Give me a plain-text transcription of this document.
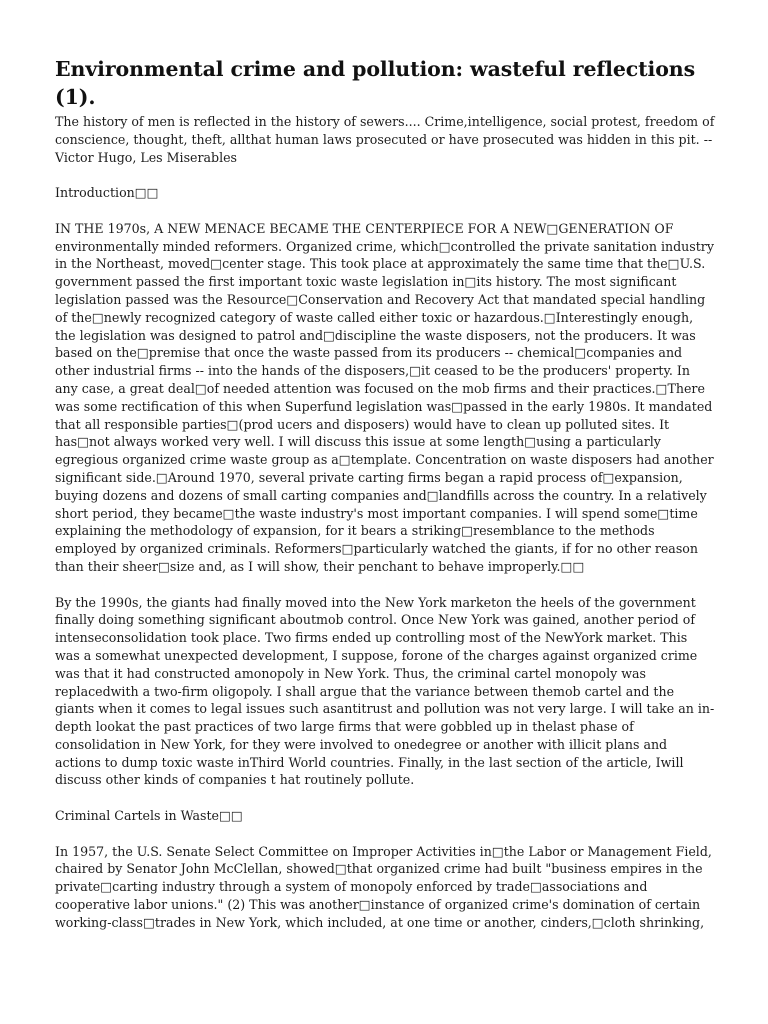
Environmental crime and pollution: wasteful reflections (1).

The history of men is reflected in the history of sewers.... Crime,intelligence, social protest, freedom of conscience, thought, theft, allthat human laws prosecuted or have prosecuted was hidden in this pit. --Victor Hugo, Les Miserables

Introduction□□

IN THE 1970s, A NEW MENACE BECAME THE CENTERPIECE FOR A NEW□GENERATION OF environmentally minded reformers. Organized crime, which□controlled the private sanitation industry in the Northeast, moved□center stage. This took place at approximately the same time that the□U.S. government passed the first important toxic waste legislation in□its history. The most significant legislation passed was the Resource□Conservation and Recovery Act that mandated special handling of the□newly recognized category of waste called either toxic or hazardous.□Interestingly enough, the legislation was designed to patrol and□discipline the waste disposers, not the producers. It was based on the□premise that once the waste passed from its producers -- chemical□companies and other industrial firms -- into the hands of the disposers,□it ceased to be the producers' property. In any case, a great deal□of needed attention was focused on the mob firms and their practices.□There was some rectification of this when Superfund legislation was□passed in the early 1980s. It mandated that all responsible parties□(prod ucers and disposers) would have to clean up polluted sites. It has□not always worked very well. I will discuss this issue at some length□using a particularly egregious organized crime waste group as a□template. Concentration on waste disposers had another significant side.□Around 1970, several private carting firms began a rapid process of□expansion, buying dozens and dozens of small carting companies and□landfills across the country. In a relatively short period, they became□the waste industry's most important companies. I will spend some□time explaining the methodology of expansion, for it bears a striking□resemblance to the methods employed by organized criminals. Reformers□particularly watched the giants, if for no other reason than their sheer□size and, as I will show, their penchant to behave improperly.□□

By the 1990s, the giants had finally moved into the New York marketon the heels of the government finally doing something significant aboutmob control. Once New York was gained, another period of intenseconsolidation took place. Two firms ended up controlling most of the NewYork market. This was a somewhat unexpected development, I suppose, forone of the charges against organized crime was that it had constructed amonopoly in New York. Thus, the criminal cartel monopoly was replacedwith a two-firm oligopoly. I shall argue that the variance between themob cartel and the giants when it comes to legal issues such asantitrust and pollution was not very large. I will take an in-depth lookat the past practices of two large firms that were gobbled up in thelast phase of consolidation in New York, for they were involved to onedegree or another with illicit plans and actions to dump toxic waste inThird World countries. Finally, in the last section of the article, Iwill discuss other kinds of companies t hat routinely pollute.

Criminal Cartels in Waste□□

In 1957, the U.S. Senate Select Committee on Improper Activities in□the Labor or Management Field, chaired by Senator John McClellan, showed□that organized crime had built "business empires in the private□carting industry through a system of monopoly enforced by trade□associations and cooperative labor unions." (2) This was another□instance of organized crime's domination of certain working-class□trades in New York, which included, at one time or another, cinders,□cloth shrinking,
